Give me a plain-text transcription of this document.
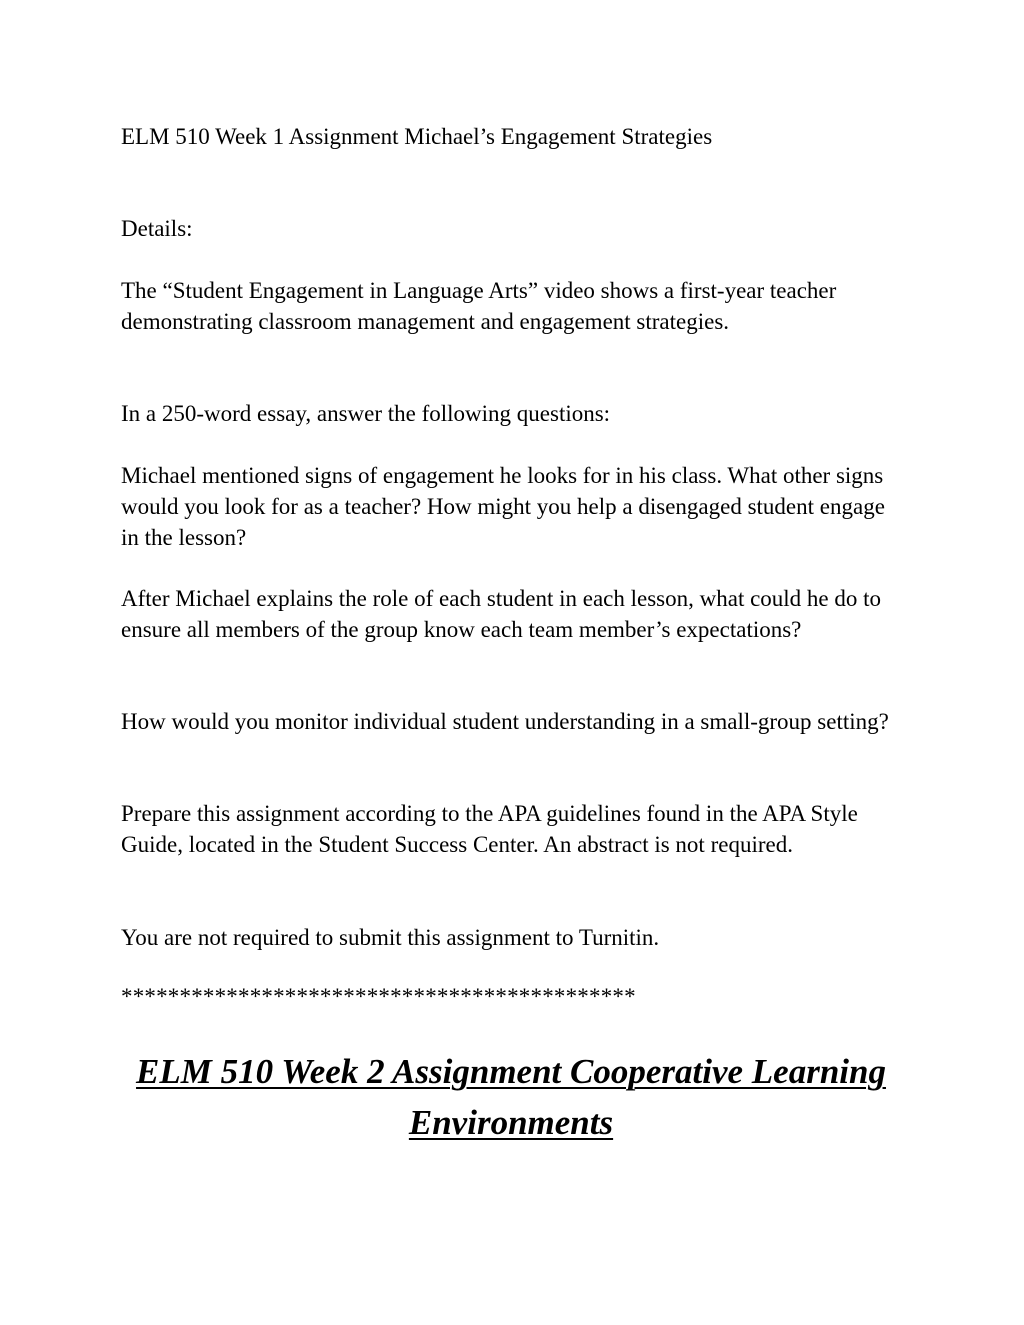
ELM 510 Week 1 Assignment Michael’s Engagement Strategies

Details:

The “Student Engagement in Language Arts” video shows a first-year teacher demonstrating classroom management and engagement strategies.

In a 250-word essay, answer the following questions:

Michael mentioned signs of engagement he looks for in his class. What other signs would you look for as a teacher? How might you help a disengaged student engage in the lesson?

After Michael explains the role of each student in each lesson, what could he do to ensure all members of the group know each team member’s expectations?

How would you monitor individual student understanding in a small-group setting?

Prepare this assignment according to the APA guidelines found in the APA Style Guide, located in the Student Success Center. An abstract is not required.

You are not required to submit this assignment to Turnitin.

********************************************
ELM 510 Week 2 Assignment Cooperative Learning Environments
